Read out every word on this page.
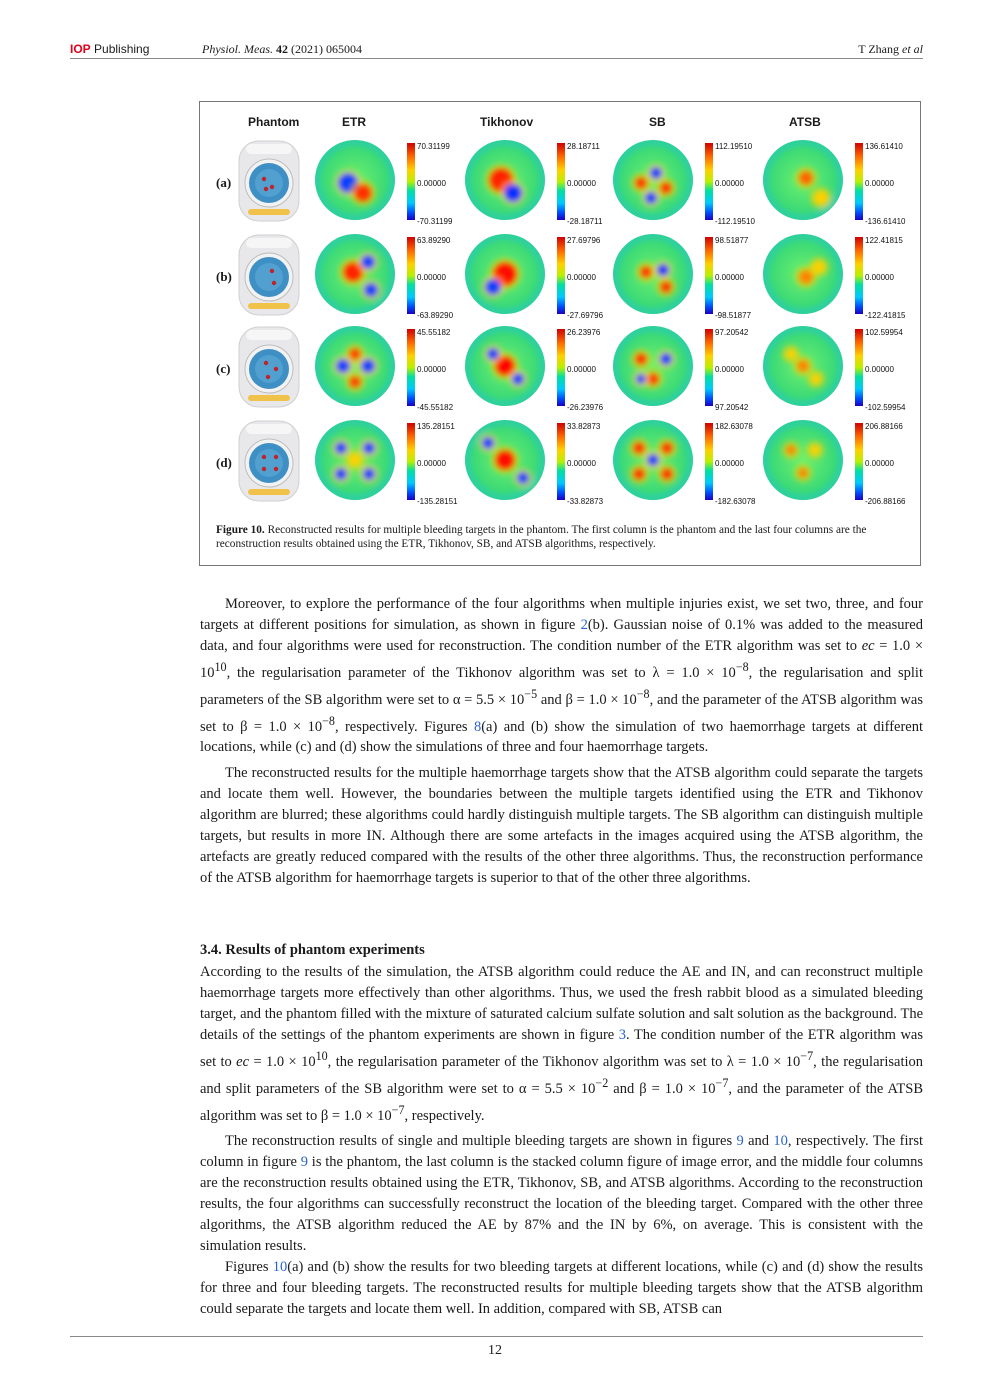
IOP Publishing	Physiol. Meas. 42 (2021) 065004	T Zhang et al
Phantom	ETR	Tikhonov	SB	ATSB
(a)
70.31199
0.00000
-70.31199
28.18711
0.00000
-28.18711
112.19510
0.00000
-112.19510
136.61410
0.00000
-136.61410
(b)
63.89290
0.00000
-63.89290
27.69796
0.00000
-27.69796
98.51877
0.00000
-98.51877
122.41815
0.00000
-122.41815
(c)
45.55182
0.00000
-45.55182
26.23976
0.00000
-26.23976
97.20542
0.00000
97.20542
102.59954
0.00000
-102.59954
(d)
135.28151
0.00000
-135.28151
33.82873
0.00000
-33.82873
182.63078
0.00000
-182.63078
206.88166
0.00000
-206.88166
Figure 10. Reconstructed results for multiple bleeding targets in the phantom. The first column is the phantom and the last four columns are the reconstruction results obtained using the ETR, Tikhonov, SB, and ATSB algorithms, respectively.
Moreover, to explore the performance of the four algorithms when multiple injuries exist, we set two, three, and four targets at different positions for simulation, as shown in figure 2(b). Gaussian noise of 0.1% was added to the measured data, and four algorithms were used for reconstruction. The condition number of the ETR algorithm was set to ec = $1.0 \times 10^{10}$, the regularisation parameter of the Tikhonov algorithm was set to $\lambda = 1.0 \times 10^{-8}$, the regularisation and split parameters of the SB algorithm were set to $\alpha = 5.5 \times 10^{-5}$ and $\beta = 1.0 \times 10^{-8}$, and the parameter of the ATSB algorithm was set to $\beta = 1.0 \times 10^{-8}$, respectively. Figures 8(a) and (b) show the simulation of two haemorrhage targets at different locations, while (c) and (d) show the simulations of three and four haemorrhage targets.
The reconstructed results for the multiple haemorrhage targets show that the ATSB algorithm could separate the targets and locate them well. However, the boundaries between the multiple targets identified using the ETR and Tikhonov algorithm are blurred; these algorithms could hardly distinguish multiple targets. The SB algorithm can distinguish multiple targets, but results in more IN. Although there are some artefacts in the images acquired using the ATSB algorithm, the artefacts are greatly reduced compared with the results of the other three algorithms. Thus, the reconstruction performance of the ATSB algorithm for haemorrhage targets is superior to that of the other three algorithms.
3.4. Results of phantom experiments
According to the results of the simulation, the ATSB algorithm could reduce the AE and IN, and can reconstruct multiple haemorrhage targets more effectively than other algorithms. Thus, we used the fresh rabbit blood as a simulated bleeding target, and the phantom filled with the mixture of saturated calcium sulfate solution and salt solution as the background. The details of the settings of the phantom experiments are shown in figure 3. The condition number of the ETR algorithm was set to ec = $1.0 \times 10^{10}$, the regularisation parameter of the Tikhonov algorithm was set to $\lambda = 1.0 \times 10^{-7}$, the regularisation and split parameters of the SB algorithm were set to $\alpha = 5.5 \times 10^{-2}$ and $\beta = 1.0 \times 10^{-7}$, and the parameter of the ATSB algorithm was set to $\beta = 1.0 \times 10^{-7}$, respectively.
The reconstruction results of single and multiple bleeding targets are shown in figures 9 and 10, respectively. The first column in figure 9 is the phantom, the last column is the stacked column figure of image error, and the middle four columns are the reconstruction results obtained using the ETR, Tikhonov, SB, and ATSB algorithms. According to the reconstruction results, the four algorithms can successfully reconstruct the location of the bleeding target. Compared with the other three algorithms, the ATSB algorithm reduced the AE by 87% and the IN by 6%, on average. This is consistent with the simulation results.
Figures 10(a) and (b) show the results for two bleeding targets at different locations, while (c) and (d) show the results for three and four bleeding targets. The reconstructed results for multiple bleeding targets show that the ATSB algorithm could separate the targets and locate them well. In addition, compared with SB, ATSB can
12
